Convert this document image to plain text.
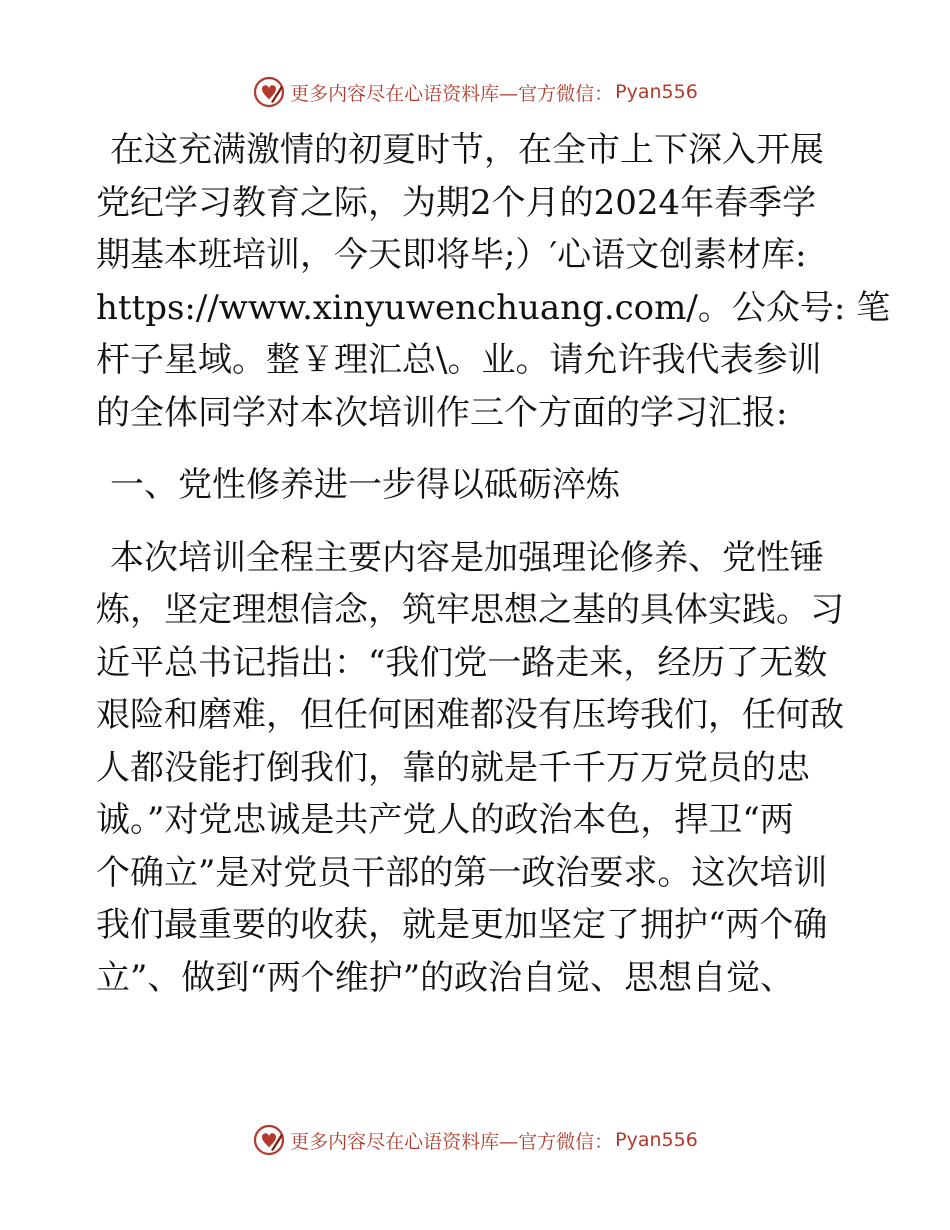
更多内容尽在心语资料库—官方微信： Pyan556
在这充满激情的初夏时节，在全市上下深入开展
党纪学习教育之际，为期2个月的2024年春季学
期基本班培训，今天即将毕;）′心语文创素材库:
https://www.xinyuwenchuang.com/。公众号: 笔
杆子星域。整￥理汇总\。业。请允许我代表参训
的全体同学对本次培训作三个方面的学习汇报:
一、党性修养进一步得以砥砺淬炼
本次培训全程主要内容是加强理论修养、党性锤
炼，坚定理想信念，筑牢思想之基的具体实践。习
近平总书记指出：“我们党一路走来，经历了无数
艰险和磨难，但任何困难都没有压垮我们，任何敌
人都没能打倒我们，靠的就是千千万万党员的忠
诚。”对党忠诚是共产党人的政治本色，捍卫“两
个确立”是对党员干部的第一政治要求。这次培训
我们最重要的收获，就是更加坚定了拥护“两个确
立”、做到“两个维护”的政治自觉、思想自觉、
更多内容尽在心语资料库—官方微信： Pyan556
